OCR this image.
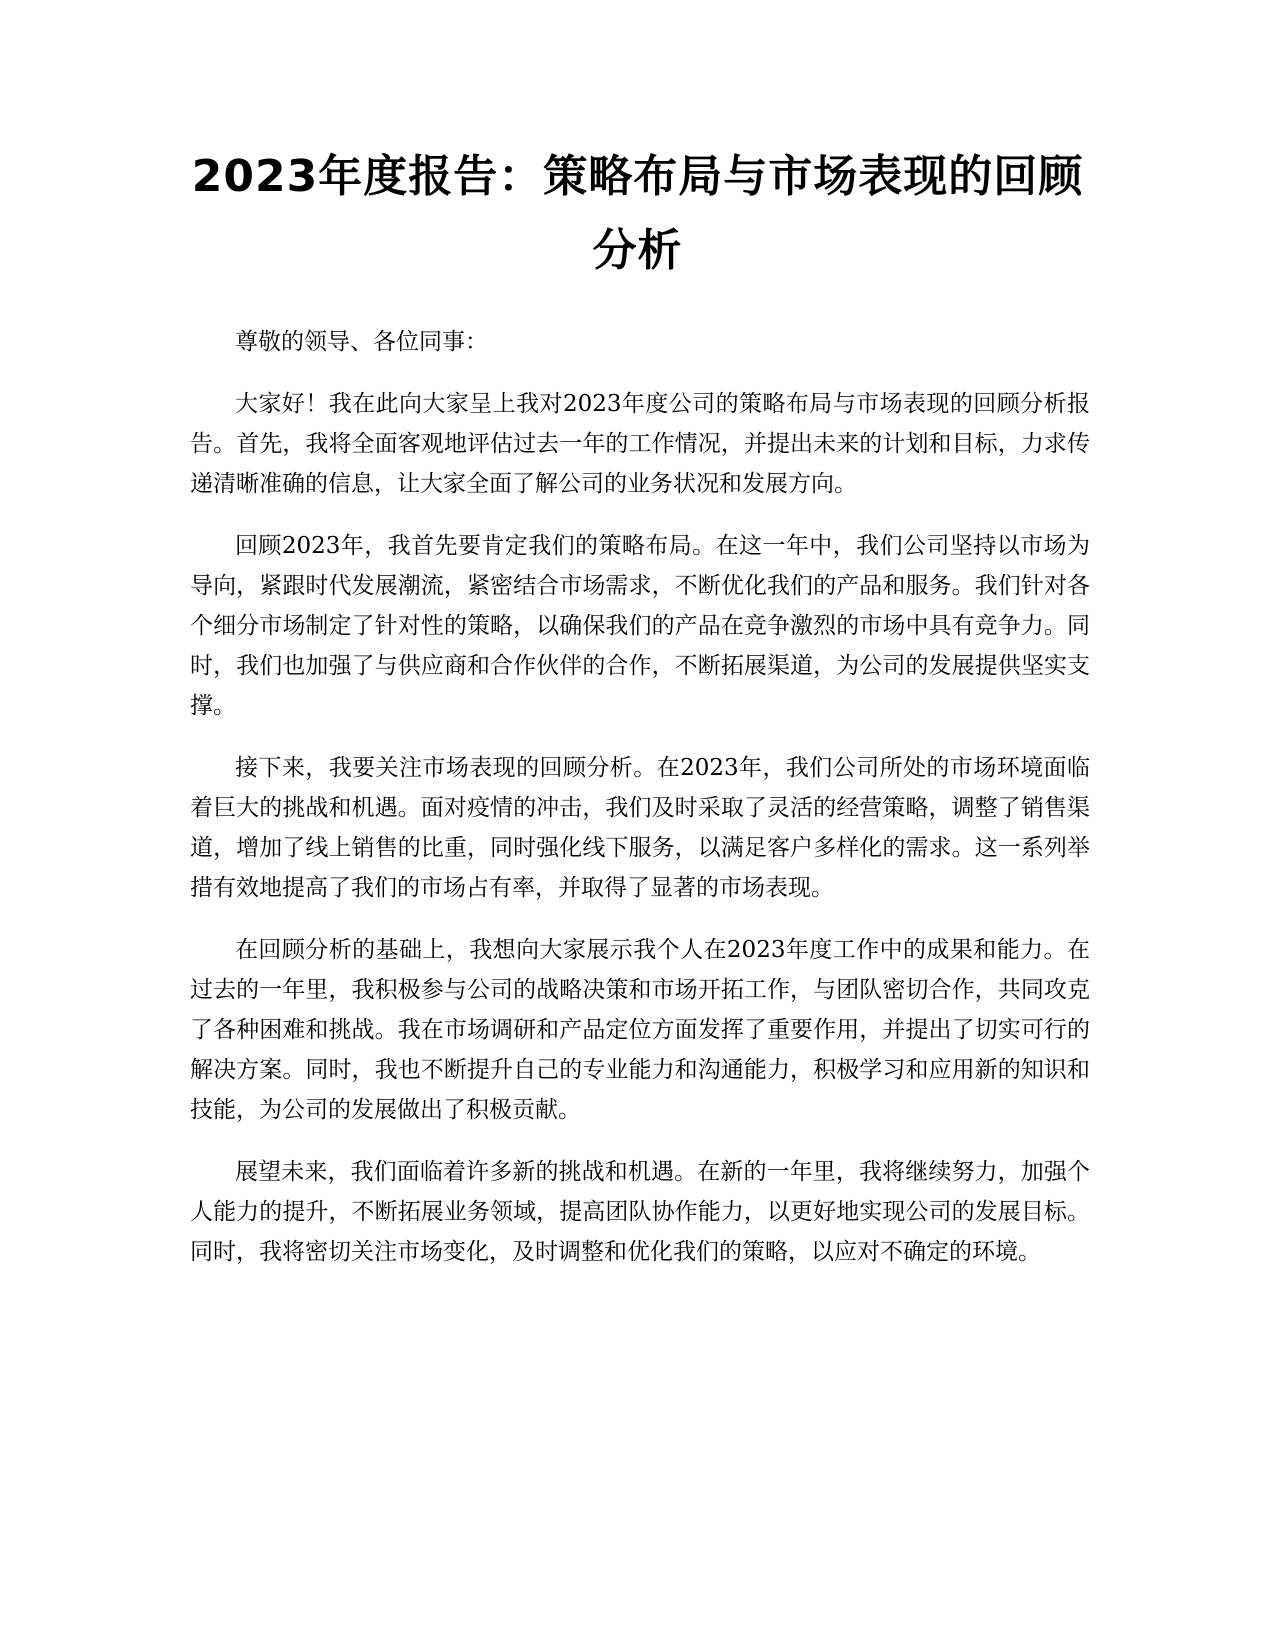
2023年度报告：策略布局与市场表现的回顾分析

尊敬的领导、各位同事：

大家好！我在此向大家呈上我对2023年度公司的策略布局与市场表现的回顾分析报告。首先，我将全面客观地评估过去一年的工作情况，并提出未来的计划和目标，力求传递清晰准确的信息，让大家全面了解公司的业务状况和发展方向。

回顾2023年，我首先要肯定我们的策略布局。在这一年中，我们公司坚持以市场为导向，紧跟时代发展潮流，紧密结合市场需求，不断优化我们的产品和服务。我们针对各个细分市场制定了针对性的策略，以确保我们的产品在竞争激烈的市场中具有竞争力。同时，我们也加强了与供应商和合作伙伴的合作，不断拓展渠道，为公司的发展提供坚实支撑。

接下来，我要关注市场表现的回顾分析。在2023年，我们公司所处的市场环境面临着巨大的挑战和机遇。面对疫情的冲击，我们及时采取了灵活的经营策略，调整了销售渠道，增加了线上销售的比重，同时强化线下服务，以满足客户多样化的需求。这一系列举措有效地提高了我们的市场占有率，并取得了显著的市场表现。

在回顾分析的基础上，我想向大家展示我个人在2023年度工作中的成果和能力。在过去的一年里，我积极参与公司的战略决策和市场开拓工作，与团队密切合作，共同攻克了各种困难和挑战。我在市场调研和产品定位方面发挥了重要作用，并提出了切实可行的解决方案。同时，我也不断提升自己的专业能力和沟通能力，积极学习和应用新的知识和技能，为公司的发展做出了积极贡献。

展望未来，我们面临着许多新的挑战和机遇。在新的一年里，我将继续努力，加强个人能力的提升，不断拓展业务领域，提高团队协作能力，以更好地实现公司的发展目标。同时，我将密切关注市场变化，及时调整和优化我们的策略，以应对不确定的环境。
